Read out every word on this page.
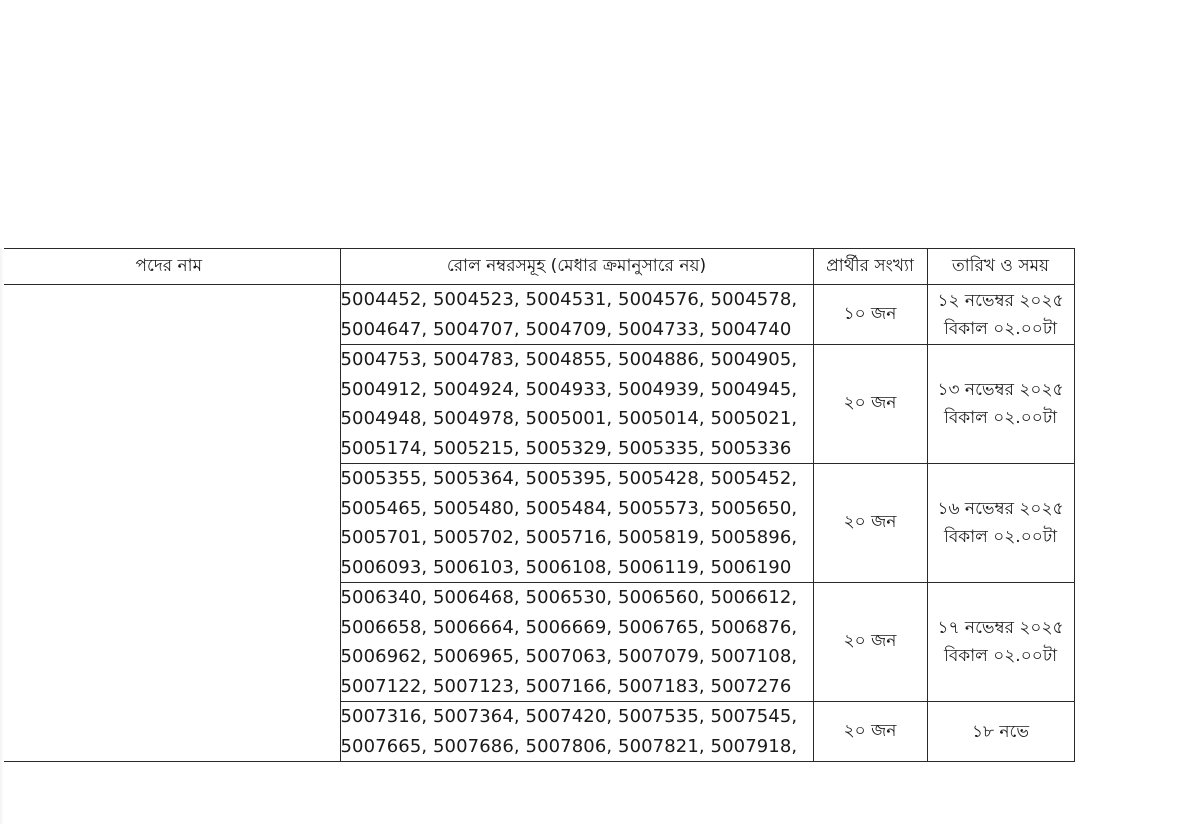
পদের নাম	রোল নম্বরসমূহ (মেধার ক্রমানুসারে নয়)	প্রার্থীর সংখ্যা	তারিখ ও সময়

	5004452, 5004523, 5004531, 5004576, 5004578,
5004647, 5004707, 5004709, 5004733, 5004740	১০ জন	১২ নভেম্বর ২০২৫
বিকাল ০২.০০টা

	5004753, 5004783, 5004855, 5004886, 5004905,
5004912, 5004924, 5004933, 5004939, 5004945,
5004948, 5004978, 5005001, 5005014, 5005021,
5005174, 5005215, 5005329, 5005335, 5005336	২০ জন	১৩ নভেম্বর ২০২৫
বিকাল ০২.০০টা

	5005355, 5005364, 5005395, 5005428, 5005452,
5005465, 5005480, 5005484, 5005573, 5005650,
5005701, 5005702, 5005716, 5005819, 5005896,
5006093, 5006103, 5006108, 5006119, 5006190	২০ জন	১৬ নভেম্বর ২০২৫
বিকাল ০২.০০টা

	5006340, 5006468, 5006530, 5006560, 5006612,
5006658, 5006664, 5006669, 5006765, 5006876,
5006962, 5006965, 5007063, 5007079, 5007108,
5007122, 5007123, 5007166, 5007183, 5007276	২০ জন	১৭ নভেম্বর ২০২৫
বিকাল ০২.০০টা

	5007316, 5007364, 5007420, 5007535, 5007545,
5007665, 5007686, 5007806, 5007821, 5007918,	২০ জন	১৮ নভে
